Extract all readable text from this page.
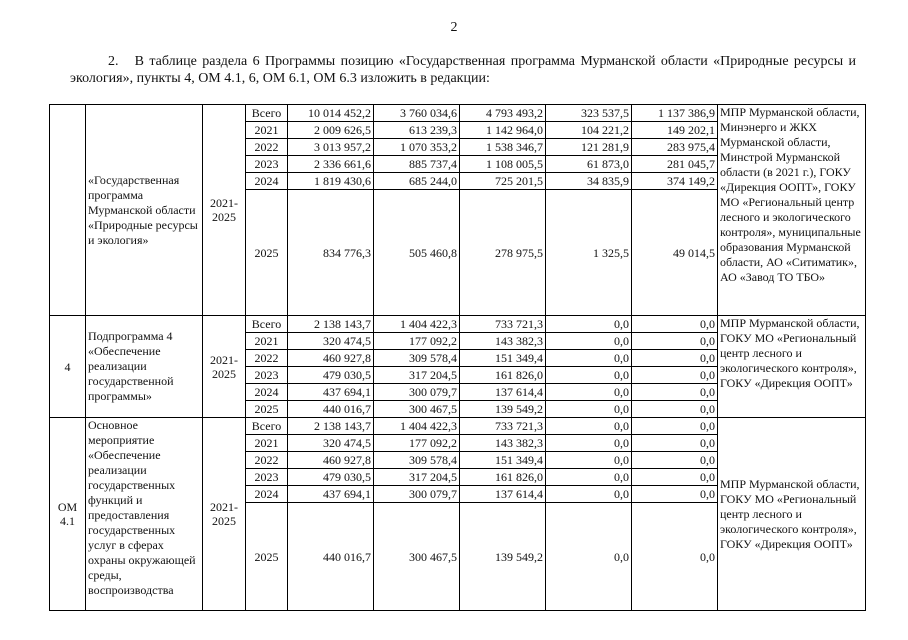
2
2.   В таблице раздела 6 Программы позицию «Государственная программа Мурманской области «Природные ресурсы и экология», пункты 4, ОМ 4.1, 6, ОМ 6.1, ОМ 6.3 изложить в редакции:
	«Государственная программа Мурманской области «Природные ресурсы и экология»	2021-2025	Всего	10 014 452,2	3 760 034,6	4 793 493,2	323 537,5	1 137 386,9	МПР Мурманской области, Минэнерго и ЖКХ Мурманской области, Минстрой Мурманской области (в 2021 г.), ГОКУ «Дирекция ООПТ», ГОКУ МО «Региональный центр лесного и экологического контроля», муниципальные образования Мурманской области, АО «Ситиматик», АО «Завод ТО ТБО»
			2021	2 009 626,5	613 239,3	1 142 964,0	104 221,2	149 202,1	
			2022	3 013 957,2	1 070 353,2	1 538 346,7	121 281,9	283 975,4	
			2023	2 336 661,6	885 737,4	1 108 005,5	61 873,0	281 045,7	
			2024	1 819 430,6	685 244,0	725 201,5	34 835,9	374 149,2	
			2025	834 776,3	505 460,8	278 975,5	1 325,5	49 014,5	
4	Подпрограмма 4 «Обеспечение реализации государственной программы»	2021-2025	Всего	2 138 143,7	1 404 422,3	733 721,3	0,0	0,0	МПР Мурманской области, ГОКУ МО «Региональный центр лесного и экологического контроля», ГОКУ «Дирекция ООПТ»
			2021	320 474,5	177 092,2	143 382,3	0,0	0,0	
			2022	460 927,8	309 578,4	151 349,4	0,0	0,0	
			2023	479 030,5	317 204,5	161 826,0	0,0	0,0	
			2024	437 694,1	300 079,7	137 614,4	0,0	0,0	
			2025	440 016,7	300 467,5	139 549,2	0,0	0,0	
ОМ 4.1	Основное мероприятие «Обеспечение реализации государственных функций и предоставления государственных услуг в сферах охраны окружающей среды, воспроизводства	2021-2025	Всего	2 138 143,7	1 404 422,3	733 721,3	0,0	0,0	МПР Мурманской области, ГОКУ МО «Региональный центр лесного и экологического контроля», ГОКУ «Дирекция ООПТ»
			2021	320 474,5	177 092,2	143 382,3	0,0	0,0	
			2022	460 927,8	309 578,4	151 349,4	0,0	0,0	
			2023	479 030,5	317 204,5	161 826,0	0,0	0,0	
			2024	437 694,1	300 079,7	137 614,4	0,0	0,0	
			2025	440 016,7	300 467,5	139 549,2	0,0	0,0	
